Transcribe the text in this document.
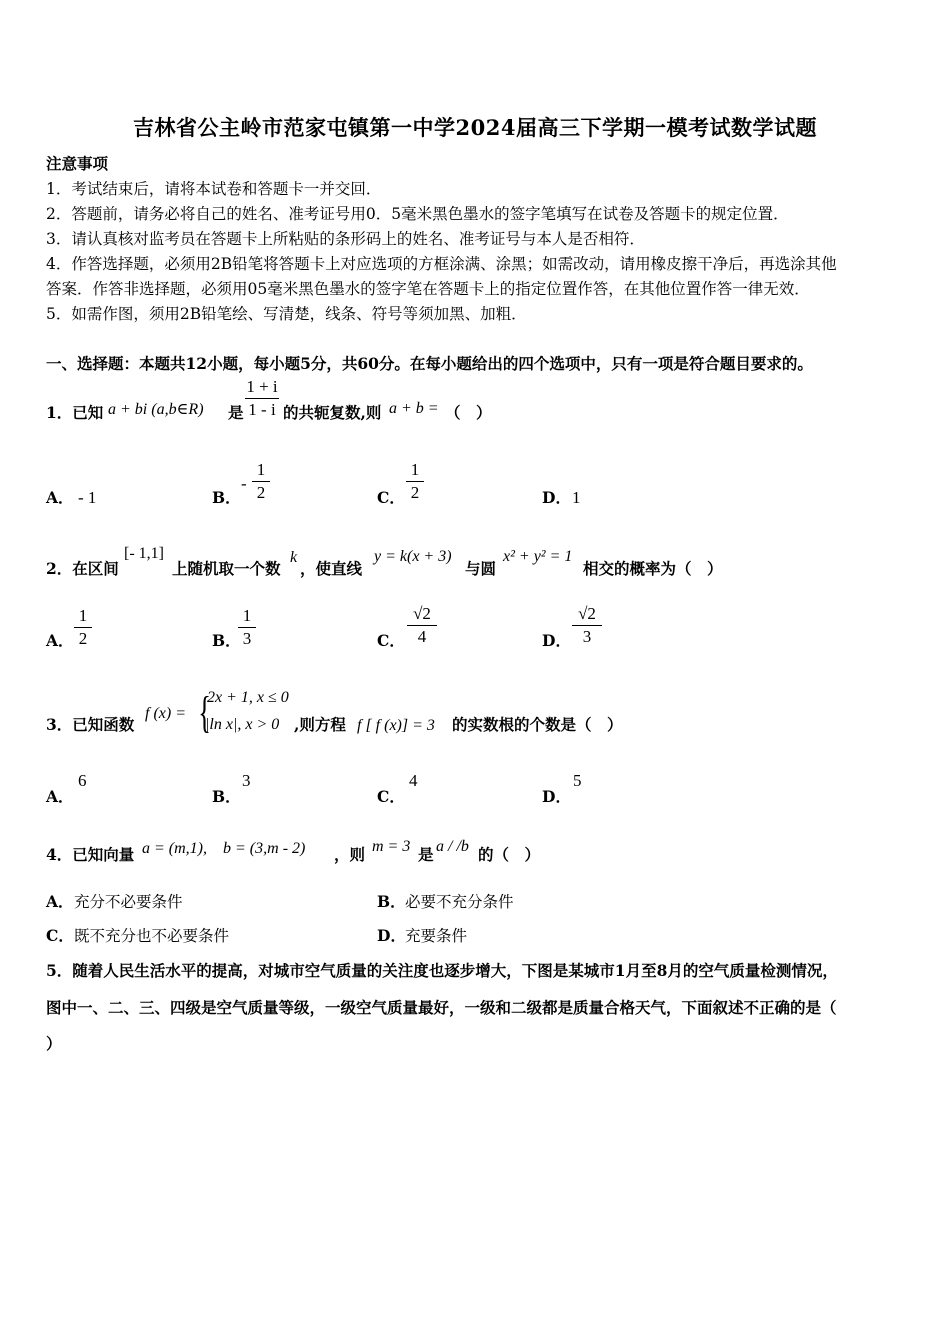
吉林省公主岭市范家屯镇第一中学2024届高三下学期一模考试数学试题
注意事项
1．考试结束后，请将本试卷和答题卡一并交回．
2．答题前，请务必将自己的姓名、准考证号用0．5毫米黑色墨水的签字笔填写在试卷及答题卡的规定位置．
3．请认真核对监考员在答题卡上所粘贴的条形码上的姓名、准考证号与本人是否相符．
4．作答选择题，必须用2B铅笔将答题卡上对应选项的方框涂满、涂黑；如需改动，请用橡皮擦干净后，再选涂其他
答案．作答非选择题，必须用05毫米黑色墨水的签字笔在答题卡上的指定位置作答，在其他位置作答一律无效．
5．如需作图，须用2B铅笔绘、写清楚，线条、符号等须加黑、加粗．
一、选择题：本题共12小题，每小题5分，共60分。在每小题给出的四个选项中，只有一项是符合题目要求的。
1．已知 a + bi (a,b∈R) 是
1 + i
1 - i 的共轭复数,则 a + b = （　）
A． - 1	B．
-
1
2	C．
1
2	D． 1
2．在区间
[- 1,1]
上随机取一个数
k
，使直线
y = k(x + 3)
与圆
x² + y² = 1
相交的概率为（　）
A．
1
2	B．
1
3	C．
√2
4	D．
√2
3
3．已知函数
f (x) = {
2x + 1, x ≤ 0
|ln x|, x > 0 ,则方程 f [ f (x)] = 3 的实数根的个数是（　）
A．
6
B．
3
C．
4
D．
5
4．已知向量 a = (m,1),　b = (3,m - 2) ，则 m = 3 是 a / /b 的（　）
A． 充分不必要条件	B． 必要不充分条件
C． 既不充分也不必要条件	D． 充要条件
5．随着人民生活水平的提高，对城市空气质量的关注度也逐步增大，下图是某城市1月至8月的空气质量检测情况，
图中一、二、三、四级是空气质量等级，一级空气质量最好，一级和二级都是质量合格天气，下面叙述不正确的是（
）
